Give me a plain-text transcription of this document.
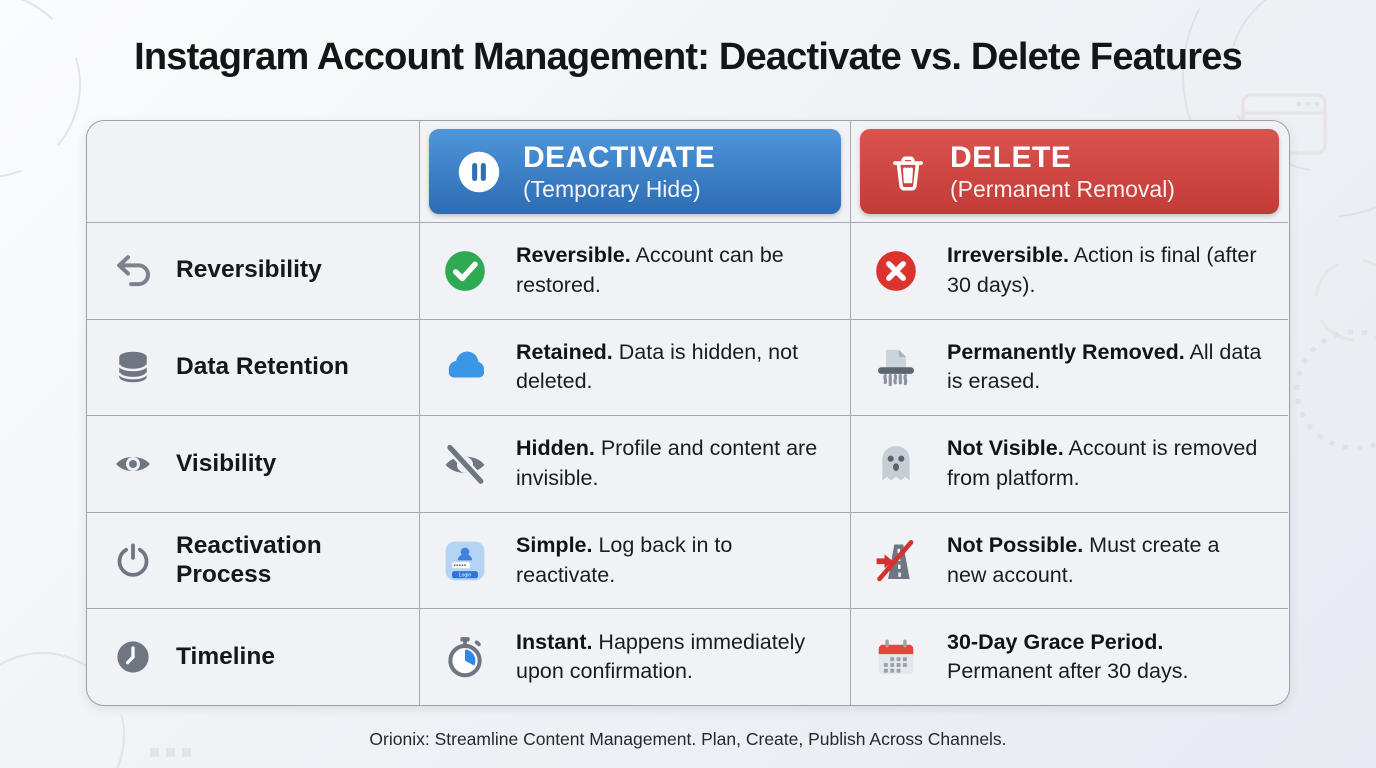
Instagram Account Management: Deactivate vs. Delete Features
DEACTIVATE
(Temporary Hide)
DELETE
(Permanent Removal)
Reversibility
Reversible. Account can be restored.
Irreversible. Action is final (after 30 days).
Data Retention
Retained. Data is hidden, not deleted.
Permanently Removed. All data is erased.
Visibility
Hidden. Profile and content are invisible.
Not Visible. Account is removed from platform.
Reactivation Process	Login
Simple. Log back in to reactivate.
Not Possible. Must create a new account.
Timeline
Instant. Happens immediately upon confirmation.
30-Day Grace Period. Permanent after 30 days.
Orionix: Streamline Content Management. Plan, Create, Publish Across Channels.
